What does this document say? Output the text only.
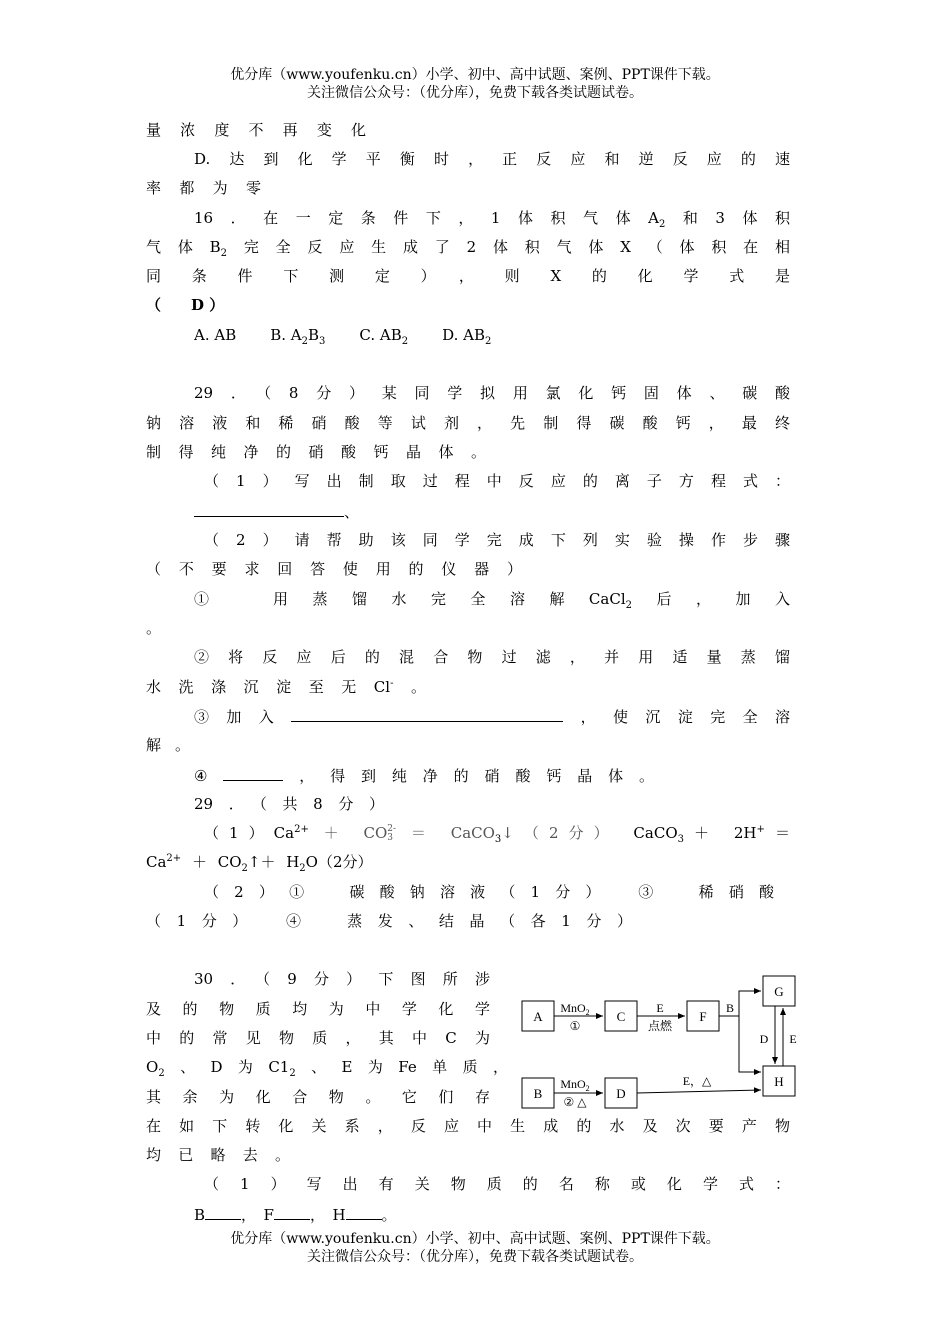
优分库（www.youfenku.cn）小学、初中、高中试题、案例、PPT课件下载。
关注微信公众号：（优分库），免费下载各类试题试卷。
量浓度不再变化
D.达到化学平衡时，正反应和逆反应的速
率都为零
16．在一定条件下，1体积气体$A_2$和3体积
气体$B_2$完全反应生成了2体积气体X（体积在相
同条件下测定），则X的化学式是
（　　D ）
A. AB B. $A_2B_3$ C. $AB_2$ D. $AB_2$
29．（8分）某同学拟用氯化钙固体、碳酸
钠溶液和稀硝酸等试剂，先制得碳酸钙，最终
制得纯净的硝酸钙晶体。
（1）写出制取过程中反应的离子方程式：
、
（2）请帮助该同学完成下列实验操作步骤
（不要求回答使用的仪器）
①　用蒸馏水完全溶解CaCl$_2$后，加入
。
②将反应后的混合物过滤，并用适量蒸馏
水洗涤沉淀至无Cl-。
③加入	，使沉淀完全溶
解。
④	，得到纯净的硝酸钙晶体。
29．（共8分）
$(1)Ca^{2+} + CO2-$
3 ＝ CaCO$_3$↓（2分） CaCO$_3$＋ 2H+＝
$Ca^{2+}$ ＋ $CO_2↑+ H_2O(2$分）
（2）①　碳酸钠溶液（1分）　③　稀硝酸
（1分）　④　蒸发、结晶（各1分）
30．（9分）下图所涉
及的物质均为中学化学
中的常见物质，其中C为
$O_2$、D为$C1_2$、E为Fe单质，
其余为化合物。它们存
在如下转化关系，反应中生成的水及次要产物
均已略去。
（1）写出有关物质的名称或化学式：
B ，　F ，　H 。
A	C	F
G
B	D
H
MnO$_2$
①
E
点燃
B
D E
MnO$_2$
② △
E，△
优分库（www.youfenku.cn）小学、初中、高中试题、案例、PPT课件下载。
关注微信公众号：（优分库），免费下载各类试题试卷。
